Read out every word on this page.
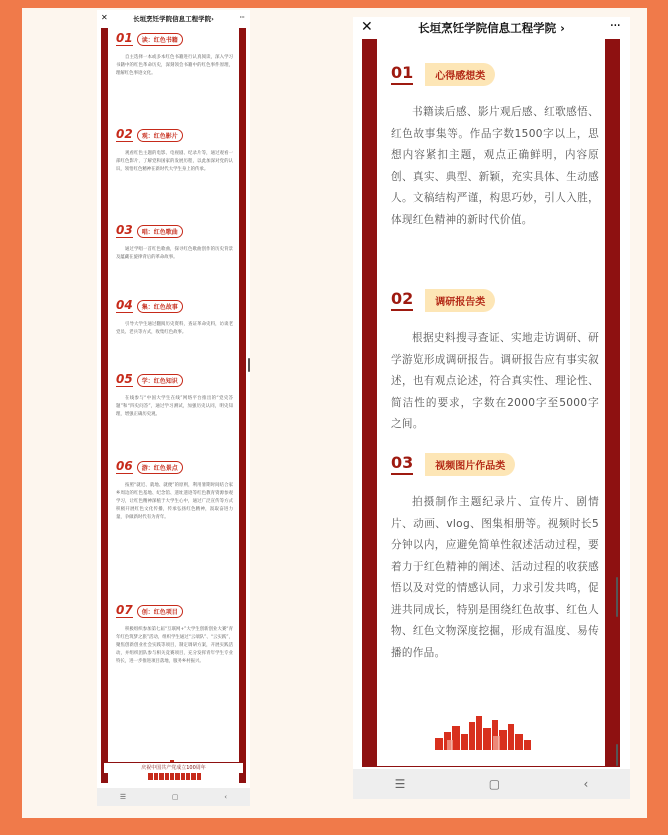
✕	长垣烹饪学院信息工程学院›	···
01	读：红色书籍
自主选择一本或多本红色书籍进行认真阅读，深入学习书籍中的红色革命历史，深刻领会书籍中的红色事件原理，理解红色事迹文化。
02	观：红色影片
观看红色主题的电影、电视剧、纪录片等，通过观看一部红色影片，了解党和国家的发展历程，以此加深对党的认识，领悟红色精神在新时代大学生身上的传承。
03	唱：红色歌曲
通过学唱一首红色歌曲，探寻红色歌曲创作的历史背景及蕴藏在旋律背后的革命故事。
04	集：红色故事
引导大学生通过翻阅历史资料，查证革命史料，访谈老党员、老兵等方式，收集红色故事。
05	学：红色知识
在线参与“中国大学生在线”网络平台推出的“党史答题”和“四史问答”，通过学习测试，加强历史认同，明史知理，增强正确历史观。
06	游：红色景点
按照“就近、就地、就便”的原则，利用暑期时间结合家乡周边的红色基地、纪念馆、遗址遗迹等红色教育资源参观学习，让红色精神深植于大学生心中，通过广泛宣传等方式积极开展红色文化传播，传承弘扬红色精神，汲取奋进力量，争做新时代有为青年。
07	创：红色项目
积极组织参加第七届“互联网+”大学生创新创业大赛“青年红色筑梦之旅”活动，组织学生通过“云端队”、“云实践”，聚焦创新创业社会实践等项目，制定调研方案，开展实践活动，并组织团队参与相关竞赛项目，充分发挥青年学生专业特长，进一步推进项目落地，服务乡村振兴。
庆祝中国共产党成立100周年
☰	▢	‹
✕	长垣烹饪学院信息工程学院 ›	···
01	心得感想类
书籍读后感、影片观后感、红歌感悟、红色故事集等。作品字数1500字以上，思想内容紧扣主题，观点正确鲜明，内容原创、真实、典型、新颖，充实具体、生动感人。文稿结构严谨，构思巧妙，引人入胜，体现红色精神的新时代价值。
02	调研报告类
根据史料搜寻查证、实地走访调研、研学游览形成调研报告。调研报告应有事实叙述，也有观点论述，符合真实性、理论性、简洁性的要求，字数在2000字至5000字之间。
03	视频图片作品类
拍摄制作主题纪录片、宣传片、剧情片、动画、vlog、图集相册等。视频时长5分钟以内，应避免简单性叙述活动过程，要着力于红色精神的阐述、活动过程的收获感悟以及对党的情感认同，力求引发共鸣，促进共同成长，特别是围绕红色故事、红色人物、红色文物深度挖掘，形成有温度、易传播的作品。
☰	▢	‹
